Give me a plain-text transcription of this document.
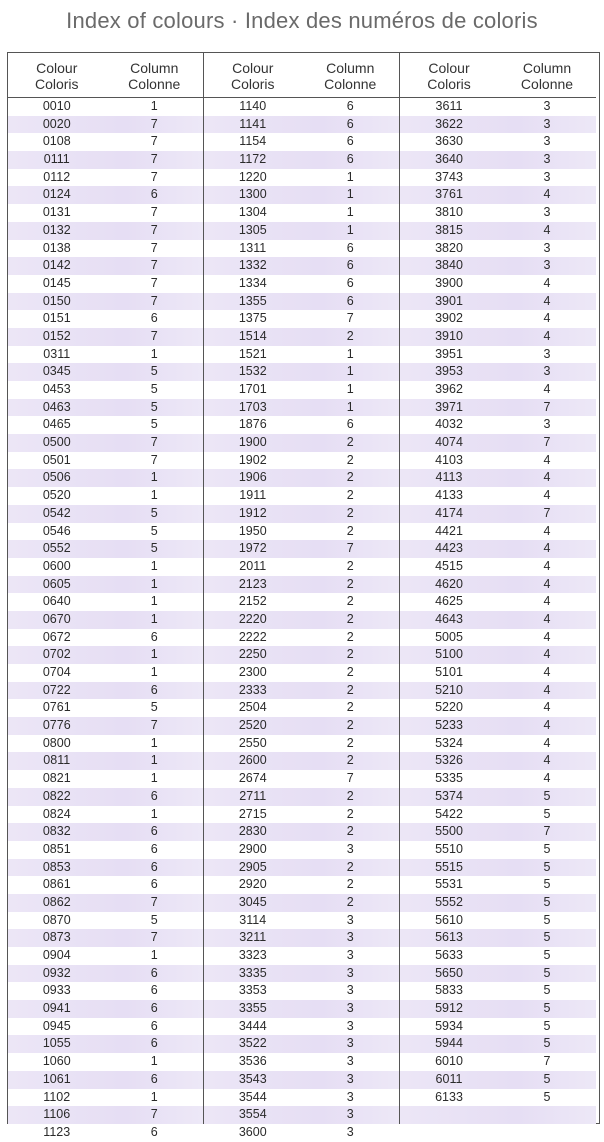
Index of colours · Index des numéros de coloris
Colour
Coloris
Column
Colonne
0010	1
0020	7
0108	7
0111	7
0112	7
0124	6
0131	7
0132	7
0138	7
0142	7
0145	7
0150	7
0151	6
0152	7
0311	1
0345	5
0453	5
0463	5
0465	5
0500	7
0501	7
0506	1
0520	1
0542	5
0546	5
0552	5
0600	1
0605	1
0640	1
0670	1
0672	6
0702	1
0704	1
0722	6
0761	5
0776	7
0800	1
0811	1
0821	1
0822	6
0824	1
0832	6
0851	6
0853	6
0861	6
0862	7
0870	5
0873	7
0904	1
0932	6
0933	6
0941	6
0945	6
1055	6
1060	1
1061	6
1102	1
1106	7
1123	6
Colour
Coloris
Column
Colonne
1140	6
1141	6
1154	6
1172	6
1220	1
1300	1
1304	1
1305	1
1311	6
1332	6
1334	6
1355	6
1375	7
1514	2
1521	1
1532	1
1701	1
1703	1
1876	6
1900	2
1902	2
1906	2
1911	2
1912	2
1950	2
1972	7
2011	2
2123	2
2152	2
2220	2
2222	2
2250	2
2300	2
2333	2
2504	2
2520	2
2550	2
2600	2
2674	7
2711	2
2715	2
2830	2
2900	3
2905	2
2920	2
3045	2
3114	3
3211	3
3323	3
3335	3
3353	3
3355	3
3444	3
3522	3
3536	3
3543	3
3544	3
3554	3
3600	3
Colour
Coloris
Column
Colonne
3611	3
3622	3
3630	3
3640	3
3743	3
3761	4
3810	3
3815	4
3820	3
3840	3
3900	4
3901	4
3902	4
3910	4
3951	3
3953	3
3962	4
3971	7
4032	3
4074	7
4103	4
4113	4
4133	4
4174	7
4421	4
4423	4
4515	4
4620	4
4625	4
4643	4
5005	4
5100	4
5101	4
5210	4
5220	4
5233	4
5324	4
5326	4
5335	4
5374	5
5422	5
5500	7
5510	5
5515	5
5531	5
5552	5
5610	5
5613	5
5633	5
5650	5
5833	5
5912	5
5934	5
5944	5
6010	7
6011	5
6133	5
